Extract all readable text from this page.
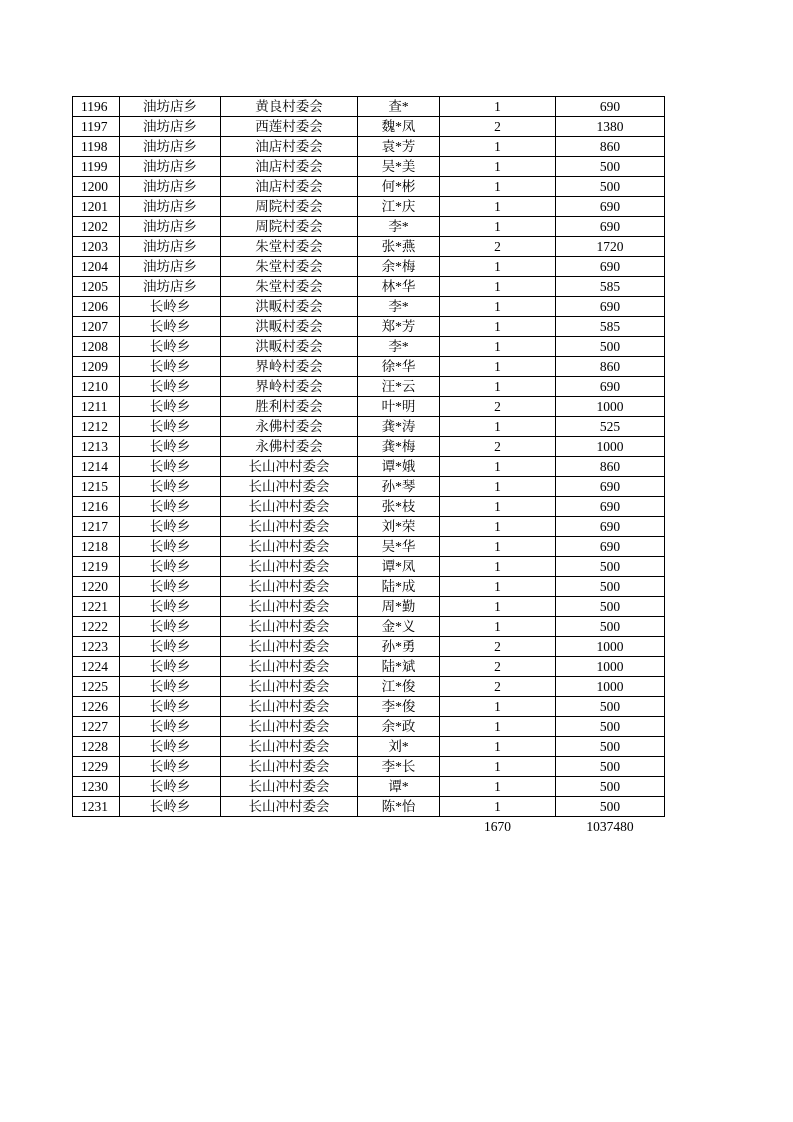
1196	油坊店乡	黄良村委会	查*	1	690
1197	油坊店乡	西莲村委会	魏*凤	2	1380
1198	油坊店乡	油店村委会	袁*芳	1	860
1199	油坊店乡	油店村委会	吴*美	1	500
1200	油坊店乡	油店村委会	何*彬	1	500
1201	油坊店乡	周院村委会	江*庆	1	690
1202	油坊店乡	周院村委会	李*	1	690
1203	油坊店乡	朱堂村委会	张*燕	2	1720
1204	油坊店乡	朱堂村委会	余*梅	1	690
1205	油坊店乡	朱堂村委会	林*华	1	585
1206	长岭乡	洪畈村委会	李*	1	690
1207	长岭乡	洪畈村委会	郑*芳	1	585
1208	长岭乡	洪畈村委会	李*	1	500
1209	长岭乡	界岭村委会	徐*华	1	860
1210	长岭乡	界岭村委会	汪*云	1	690
1211	长岭乡	胜利村委会	叶*明	2	1000
1212	长岭乡	永佛村委会	龚*涛	1	525
1213	长岭乡	永佛村委会	龚*梅	2	1000
1214	长岭乡	长山冲村委会	谭*娥	1	860
1215	长岭乡	长山冲村委会	孙*琴	1	690
1216	长岭乡	长山冲村委会	张*枝	1	690
1217	长岭乡	长山冲村委会	刘*荣	1	690
1218	长岭乡	长山冲村委会	吴*华	1	690
1219	长岭乡	长山冲村委会	谭*凤	1	500
1220	长岭乡	长山冲村委会	陆*成	1	500
1221	长岭乡	长山冲村委会	周*勤	1	500
1222	长岭乡	长山冲村委会	金*义	1	500
1223	长岭乡	长山冲村委会	孙*勇	2	1000
1224	长岭乡	长山冲村委会	陆*斌	2	1000
1225	长岭乡	长山冲村委会	江*俊	2	1000
1226	长岭乡	长山冲村委会	李*俊	1	500
1227	长岭乡	长山冲村委会	余*政	1	500
1228	长岭乡	长山冲村委会	刘*	1	500
1229	长岭乡	长山冲村委会	李*长	1	500
1230	长岭乡	长山冲村委会	谭*	1	500
1231	长岭乡	长山冲村委会	陈*怡	1	500
				1670	1037480
